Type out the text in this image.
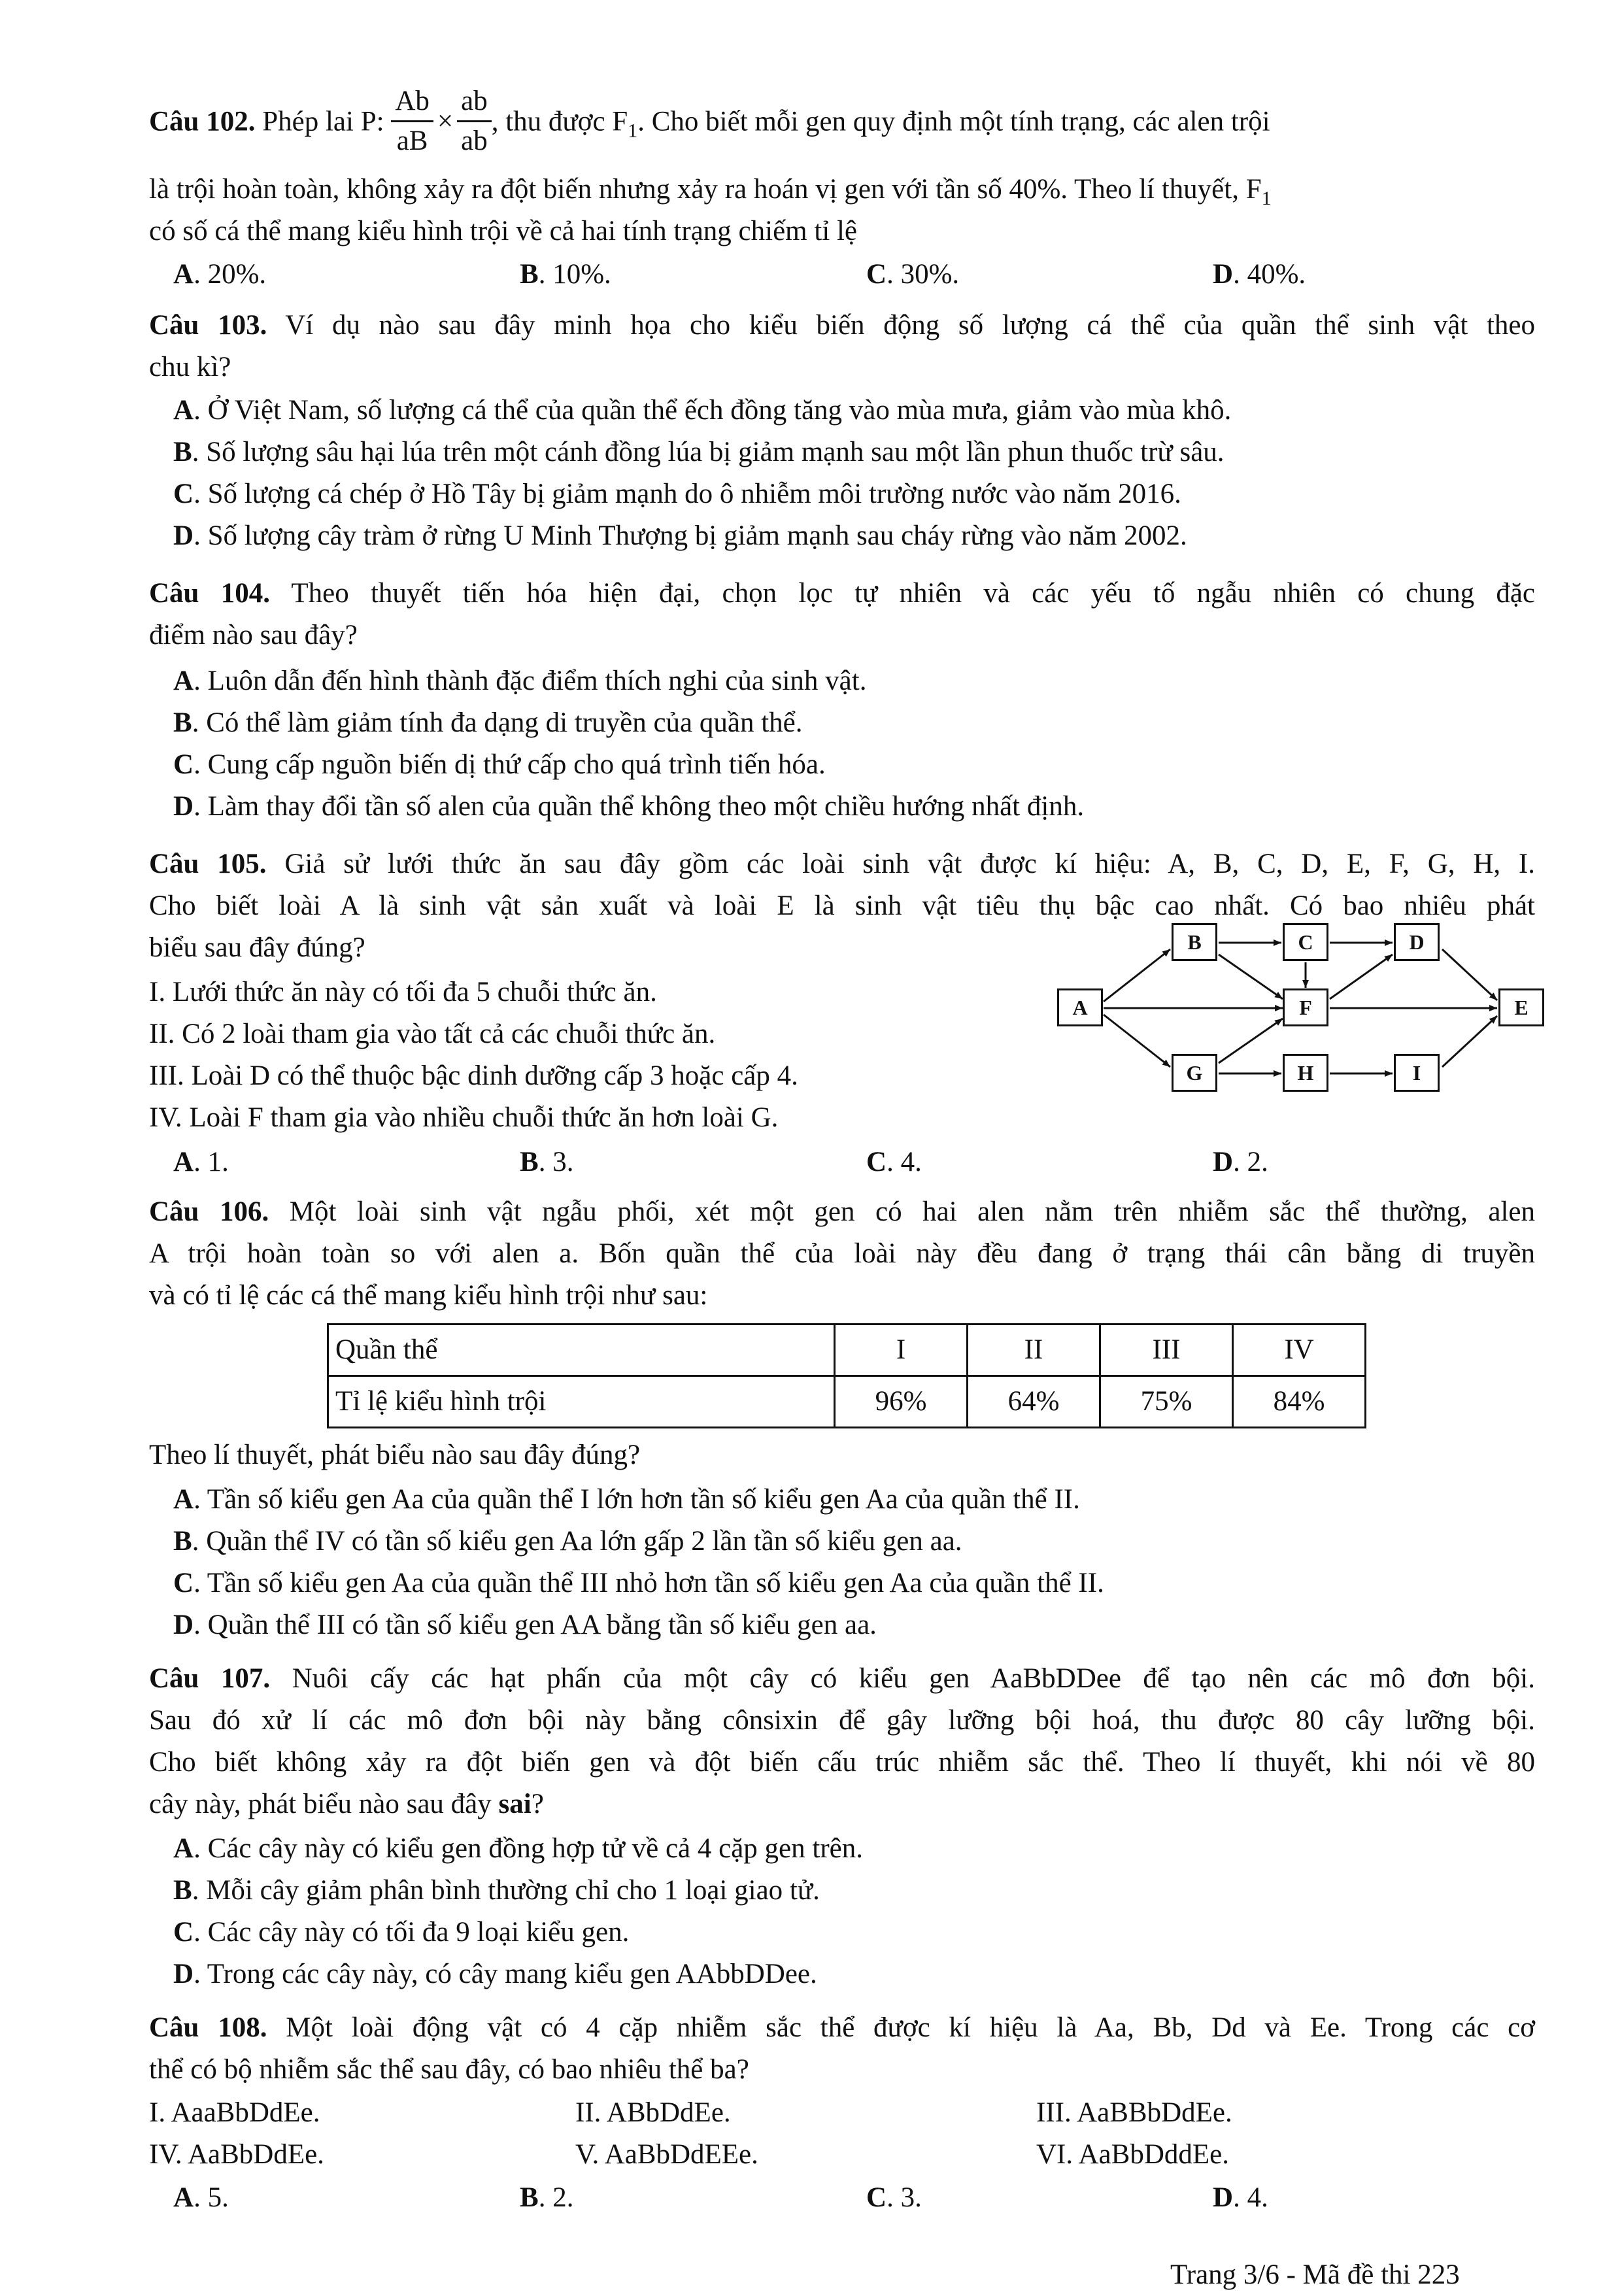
Câu 102. Phép lai P: $\frac{Ab}{aB} \times \frac{ab}{ab}$ , thu được $F_1$. Cho biết mỗi gen quy định một tính trạng, các alen trội
là trội hoàn toàn, không xảy ra đột biến nhưng xảy ra hoán vị gen với tần số 40%. Theo lí thuyết, $F_1$
có số cá thể mang kiểu hình trội về cả hai tính trạng chiếm tỉ lệ
A. 20%.	B. 10%.	C. 30%.	D. 40%.
Câu 103. Ví dụ nào sau đây minh họa cho kiểu biến động số lượng cá thể của quần thể sinh vật theo
chu kì?
A. Ở Việt Nam, số lượng cá thể của quần thể ếch đồng tăng vào mùa mưa, giảm vào mùa khô.
B. Số lượng sâu hại lúa trên một cánh đồng lúa bị giảm mạnh sau một lần phun thuốc trừ sâu.
C. Số lượng cá chép ở Hồ Tây bị giảm mạnh do ô nhiễm môi trường nước vào năm 2016.
D. Số lượng cây tràm ở rừng U Minh Thượng bị giảm mạnh sau cháy rừng vào năm 2002.
Câu 104. Theo thuyết tiến hóa hiện đại, chọn lọc tự nhiên và các yếu tố ngẫu nhiên có chung đặc
điểm nào sau đây?
A. Luôn dẫn đến hình thành đặc điểm thích nghi của sinh vật.
B. Có thể làm giảm tính đa dạng di truyền của quần thể.
C. Cung cấp nguồn biến dị thứ cấp cho quá trình tiến hóa.
D. Làm thay đổi tần số alen của quần thể không theo một chiều hướng nhất định.
Câu 105. Giả sử lưới thức ăn sau đây gồm các loài sinh vật được kí hiệu: A, B, C, D, E, F, G, H, I.
Cho biết loài A là sinh vật sản xuất và loài E là sinh vật tiêu thụ bậc cao nhất. Có bao nhiêu phát
biểu sau đây đúng?
I. Lưới thức ăn này có tối đa 5 chuỗi thức ăn.
II. Có 2 loài tham gia vào tất cả các chuỗi thức ăn.
III. Loài D có thể thuộc bậc dinh dưỡng cấp 3 hoặc cấp 4.
IV. Loài F tham gia vào nhiều chuỗi thức ăn hơn loài G.
A
B	C	D
E
F
G	H	I
A. 1.	B. 3.	C. 4.	D. 2.
Câu 106. Một loài sinh vật ngẫu phối, xét một gen có hai alen nằm trên nhiễm sắc thể thường, alen
A trội hoàn toàn so với alen a. Bốn quần thể của loài này đều đang ở trạng thái cân bằng di truyền
và có tỉ lệ các cá thể mang kiểu hình trội như sau:
Quần thể	I	II	III	IV
Tỉ lệ kiểu hình trội	96%	64%	75%	84%
Theo lí thuyết, phát biểu nào sau đây đúng?
A. Tần số kiểu gen Aa của quần thể I lớn hơn tần số kiểu gen Aa của quần thể II.
B. Quần thể IV có tần số kiểu gen Aa lớn gấp 2 lần tần số kiểu gen aa.
C. Tần số kiểu gen Aa của quần thể III nhỏ hơn tần số kiểu gen Aa của quần thể II.
D. Quần thể III có tần số kiểu gen AA bằng tần số kiểu gen aa.
Câu 107. Nuôi cấy các hạt phấn của một cây có kiểu gen AaBbDDee để tạo nên các mô đơn bội.
Sau đó xử lí các mô đơn bội này bằng cônsixin để gây lưỡng bội hoá, thu được 80 cây lưỡng bội.
Cho biết không xảy ra đột biến gen và đột biến cấu trúc nhiễm sắc thể. Theo lí thuyết, khi nói về 80
cây này, phát biểu nào sau đây sai?
A. Các cây này có kiểu gen đồng hợp tử về cả 4 cặp gen trên.
B. Mỗi cây giảm phân bình thường chỉ cho 1 loại giao tử.
C. Các cây này có tối đa 9 loại kiểu gen.
D. Trong các cây này, có cây mang kiểu gen AAbbDDee.
Câu 108. Một loài động vật có 4 cặp nhiễm sắc thể được kí hiệu là Aa, Bb, Dd và Ee. Trong các cơ
thể có bộ nhiễm sắc thể sau đây, có bao nhiêu thể ba?
I. AaaBbDdEe.	II. ABbDdEe.	III. AaBBbDdEe.
IV. AaBbDdEe.	V. AaBbDdEEe.	VI. AaBbDddEe.
A. 5.	B. 2.	C. 3.	D. 4.
Trang 3/6 - Mã đề thi 223
